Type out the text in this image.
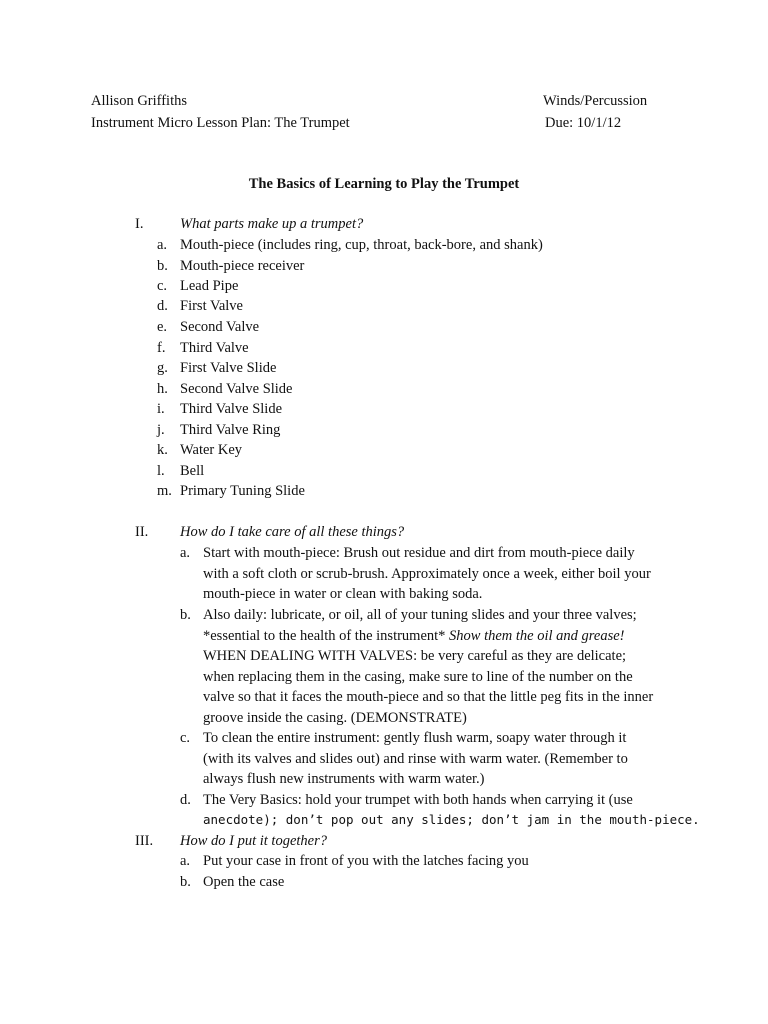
Allison Griffiths	Winds/Percussion
Instrument Micro Lesson Plan: The Trumpet	Due: 10/1/12
The Basics of Learning to Play the Trumpet
I.	What parts make up a trumpet?
a. Mouth-piece (includes ring, cup, throat, back-bore, and shank)
b. Mouth-piece receiver
c. Lead Pipe
d. First Valve
e. Second Valve
f. Third Valve
g. First Valve Slide
h. Second Valve Slide
i. Third Valve Slide
j. Third Valve Ring
k. Water Key
l. Bell
m. Primary Tuning Slide
II. How do I take care of all these things?
a. Start with mouth-piece: Brush out residue and dirt from mouth-piece daily
with a soft cloth or scrub-brush. Approximately once a week, either boil your
mouth-piece in water or clean with baking soda.
b. Also daily: lubricate, or oil, all of your tuning slides and your three valves;
*essential to the health of the instrument* Show them the oil and grease!
WHEN DEALING WITH VALVES: be very careful as they are delicate;
when replacing them in the casing, make sure to line of the number on the
valve so that it faces the mouth-piece and so that the little peg fits in the inner
groove inside the casing. (DEMONSTRATE)
c. To clean the entire instrument: gently flush warm, soapy water through it
(with its valves and slides out) and rinse with warm water. (Remember to
always flush new instruments with warm water.)
d. The Very Basics: hold your trumpet with both hands when carrying it (use
anecdote); don’t pop out any slides; don’t jam in the mouth-piece.
III. How do I put it together?
a. Put your case in front of you with the latches facing you
b. Open the case
